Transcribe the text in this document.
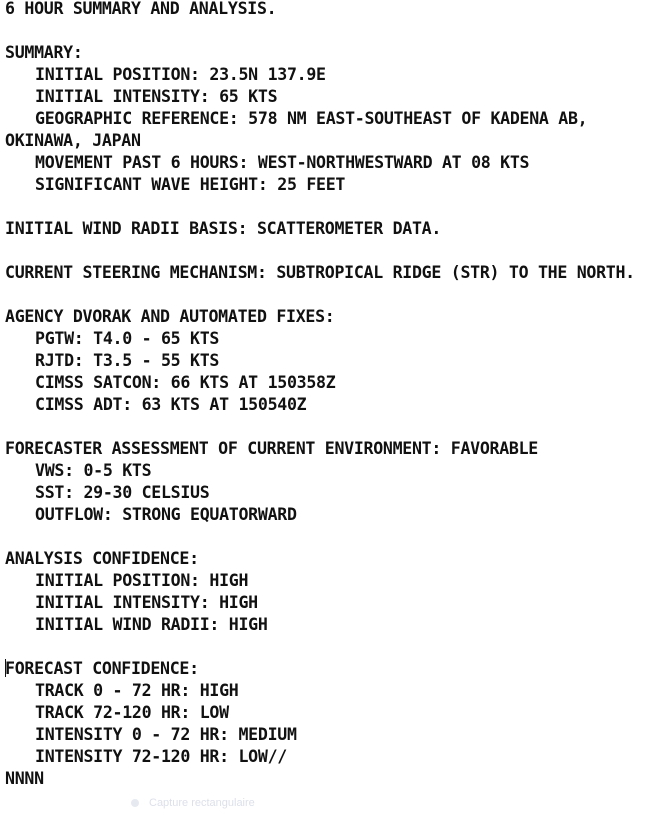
6 HOUR SUMMARY AND ANALYSIS.
SUMMARY:
INITIAL POSITION: 23.5N 137.9E
INITIAL INTENSITY: 65 KTS
GEOGRAPHIC REFERENCE: 578 NM EAST-SOUTHEAST OF KADENA AB,
OKINAWA, JAPAN
MOVEMENT PAST 6 HOURS: WEST-NORTHWESTWARD AT 08 KTS
SIGNIFICANT WAVE HEIGHT: 25 FEET
INITIAL WIND RADII BASIS: SCATTEROMETER DATA.
CURRENT STEERING MECHANISM: SUBTROPICAL RIDGE (STR) TO THE NORTH.
AGENCY DVORAK AND AUTOMATED FIXES:
PGTW: T4.0 - 65 KTS
RJTD: T3.5 - 55 KTS
CIMSS SATCON: 66 KTS AT 150358Z
CIMSS ADT: 63 KTS AT 150540Z
FORECASTER ASSESSMENT OF CURRENT ENVIRONMENT: FAVORABLE
VWS: 0-5 KTS
SST: 29-30 CELSIUS
OUTFLOW: STRONG EQUATORWARD
ANALYSIS CONFIDENCE:
INITIAL POSITION: HIGH
INITIAL INTENSITY: HIGH
INITIAL WIND RADII: HIGH
FORECAST CONFIDENCE:
TRACK 0 - 72 HR: HIGH
TRACK 72-120 HR: LOW
INTENSITY 0 - 72 HR: MEDIUM
INTENSITY 72-120 HR: LOW//
NNNN
Capture rectangulaire
